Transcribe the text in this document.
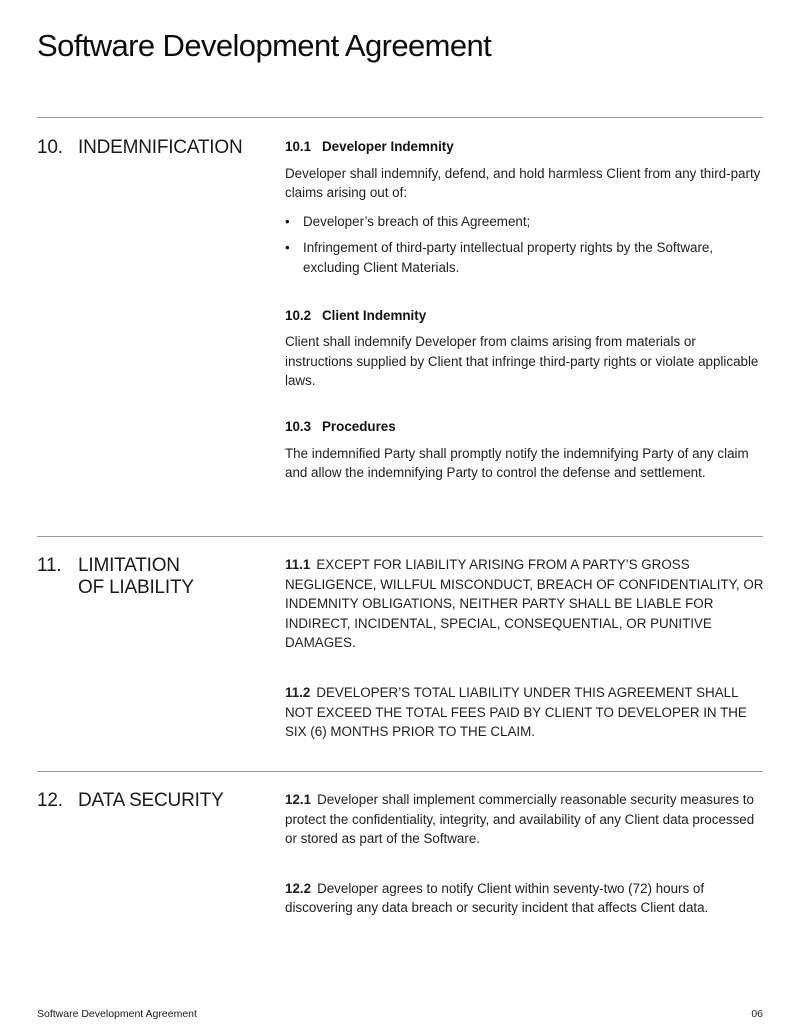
Software Development Agreement
10. INDEMNIFICATION	10.1 Developer Indemnity

Developer shall indemnify, defend, and hold harmless Client from any third-party claims arising out of:

• Developer’s breach of this Agreement;
• Infringement of third-party intellectual property rights by the Software, excluding Client Materials.
10.2 Client Indemnity

Client shall indemnify Developer from claims arising from materials or instructions supplied by Client that infringe third-party rights or violate applicable laws.

10.3 Procedures

The indemnified Party shall promptly notify the indemnifying Party of any claim and allow the indemnifying Party to control the defense and settlement.

11. LIMITATION
OF LIABILITY

11.1 EXCEPT FOR LIABILITY ARISING FROM A PARTY’S GROSS NEGLIGENCE, WILLFUL MISCONDUCT, BREACH OF CONFIDENTIALITY, OR INDEMNITY OBLIGATIONS, NEITHER PARTY SHALL BE LIABLE FOR INDIRECT, INCIDENTAL, SPECIAL, CONSEQUENTIAL, OR PUNITIVE DAMAGES.

11.2 DEVELOPER’S TOTAL LIABILITY UNDER THIS AGREEMENT SHALL NOT EXCEED THE TOTAL FEES PAID BY CLIENT TO DEVELOPER IN THE SIX (6) MONTHS PRIOR TO THE CLAIM.

12. DATA SECURITY	12.1 Developer shall implement commercially reasonable security measures to protect the confidentiality, integrity, and availability of any Client data processed or stored as part of the Software.

12.2 Developer agrees to notify Client within seventy-two (72) hours of discovering any data breach or security incident that affects Client data.

Software Development Agreement	06
